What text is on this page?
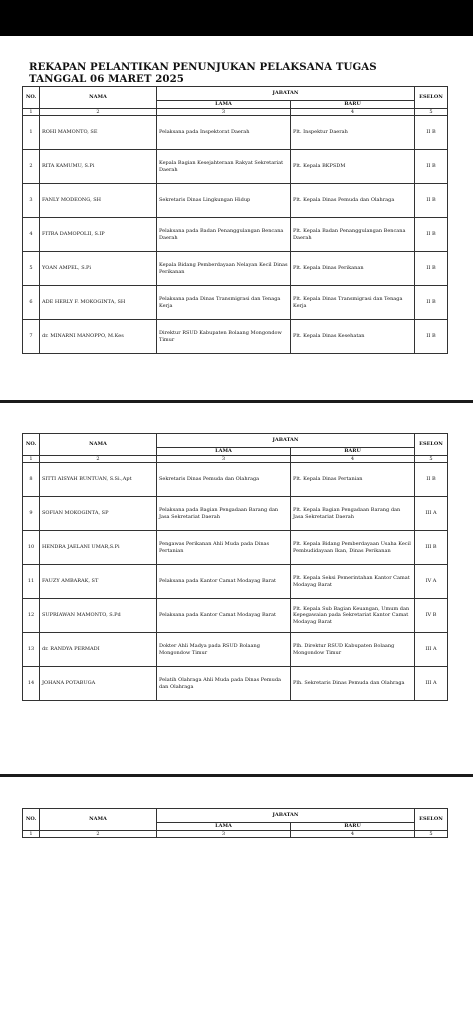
REKAPAN PELANTIKAN PENUNJUKAN PELAKSANA TUGAS
TANGGAL 06 MARET 2025
NO.	NAMA	JABATAN		ESELON
		LAMA	BARU	
1	2	3	4	5
1	ROHI MAMONTO, SE	Pelaksana pada Inspektorat Daerah	Plt. Inspektur Daerah	II B
2	RITA KAMUMU, S.Pi	Kepala Bagian Kesejahteraan Rakyat Sekretariat Daerah	Plt. Kepala BKPSDM	II B
3	FANLY MODEONG, SH	Sekretaris Dinas Lingkungan Hidup	Plt. Kepala Dinas Pemuda dan Olahraga	II B
4	FITRA DAMOPOLII, S.IP	Pelaksana pada Badan Penanggulangan Bencana Daerah	Plt. Kepala Badan Penanggulangan Bencana Daerah	II B
5	YOAN AMPEL, S.Pi	Kepala Bidang Pemberdayaan Nelayan Kecil Dinas Perikanan	Plt. Kepala Dinas Perikanan	II B
6	ADE HERLY F. MOKOGINTA, SH	Pelaksana pada Dinas Transmigrasi dan Tenaga Kerja	Plt. Kepala Dinas Transmigrasi dan Tenaga Kerja	II B
7	dr. MINARNI MANOPPO, M.Kes	Direktur RSUD Kabupaten Bolaang Mongondow Timur	Plt. Kepala Dinas Kesehatan	II B
NO.	NAMA	JABATAN		ESELON
		LAMA	BARU	
1	2	3	4	5
8	SITTI AISYAH BUNTUAN, S.Si.,Apt	Sekretaris Dinas Pemuda dan Olahraga	Plt. Kepala Dinas Pertanian	II B
9	SOFIAN MOKOGINTA, SP	Pelaksana pada Bagian Pengadaan Barang dan Jasa Sekretariat Daerah	Plt. Kepala Bagian Pengadaan Barang dan Jasa Sekretariat Daerah	III A
10	HENDRA JAELANI UMAR,S.Pi	Pengawas Perikanan Ahli Muda pada Dinas Pertanian	Plt. Kepala Bidang Pemberdayaan Usaha Kecil Pembudidayaan Ikan, Dinas Perikanan	III B
11	FAUZY AMBARAK, ST	Pelaksana pada Kantor Camat Modayag Barat	Plt. Kepala Seksi Pemerintahan Kantor Camat Modayag Barat	IV A
12	SUPRIAWAN MAMONTO, S.Pd	Pelaksana pada Kantor Camat Modayag Barat	Plt. Kepala Sub Bagian Keuangan, Umum dan Kepegawaian pada Sekretariat Kantor Camat Modayag Barat	IV B
13	dr. RANDYA PERMADI	Dokter Ahli Madya pada RSUD Bolaang Mongondow Timur	Plh. Direktur RSUD Kabupaten Bolaang Mongondow Timur	III A
14	JOHANA POTABUGA	Pelatih Olahraga Ahli Muda pada Dinas Pemuda dan Olahraga	Plh. Sekretaris Dinas Pemuda dan Olahraga	III A
NO.	NAMA	JABATAN		ESELON
		LAMA	BARU	
1	2	3	4	5
